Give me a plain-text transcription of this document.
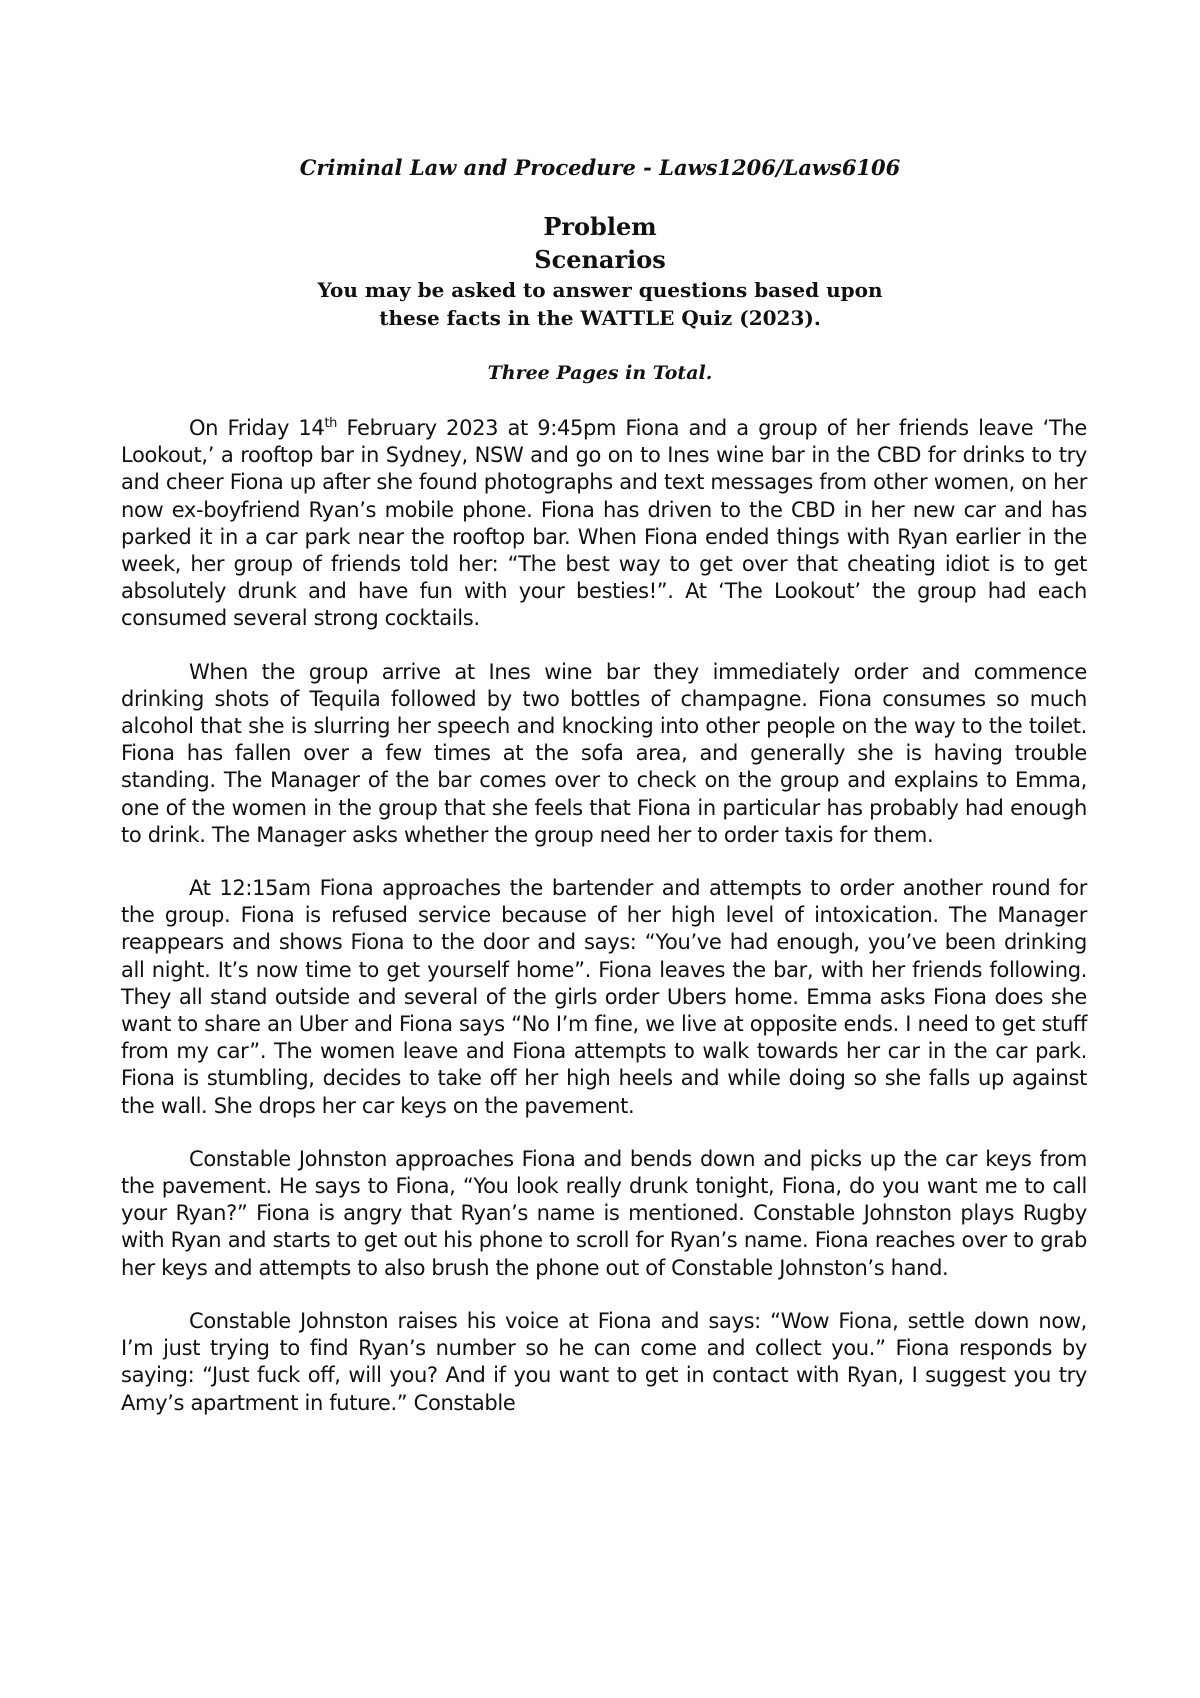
Criminal Law and Procedure - Laws1206/Laws6106

Problem

Scenarios

You may be asked to answer questions based upon

these facts in the WATTLE Quiz (2023).

Three Pages in Total.

On Friday 14th February 2023 at 9:45pm Fiona and a group of her friends leave ‘The Lookout,’ a rooftop bar in Sydney, NSW and go on to Ines wine bar in the CBD for drinks to try and cheer Fiona up after she found photographs and text messages from other women, on her now ex-boyfriend Ryan’s mobile phone. Fiona has driven to the CBD in her new car and has parked it in a car park near the rooftop bar. When Fiona ended things with Ryan earlier in the week, her group of friends told her: “The best way to get over that cheating idiot is to get absolutely drunk and have fun with your besties!”. At ‘The Lookout’ the group had each consumed several strong cocktails.

When the group arrive at Ines wine bar they immediately order and commence drinking shots of Tequila followed by two bottles of champagne. Fiona consumes so much alcohol that she is slurring her speech and knocking into other people on the way to the toilet. Fiona has fallen over a few times at the sofa area, and generally she is having trouble standing. The Manager of the bar comes over to check on the group and explains to Emma, one of the women in the group that she feels that Fiona in particular has probably had enough to drink. The Manager asks whether the group need her to order taxis for them.

At 12:15am Fiona approaches the bartender and attempts to order another round for the group. Fiona is refused service because of her high level of intoxication. The Manager reappears and shows Fiona to the door and says: “You’ve had enough, you’ve been drinking all night. It’s now time to get yourself home”. Fiona leaves the bar, with her friends following. They all stand outside and several of the girls order Ubers home. Emma asks Fiona does she want to share an Uber and Fiona says “No I’m fine, we live at opposite ends. I need to get stuff from my car”. The women leave and Fiona attempts to walk towards her car in the car park. Fiona is stumbling, decides to take off her high heels and while doing so she falls up against the wall. She drops her car keys on the pavement.

Constable Johnston approaches Fiona and bends down and picks up the car keys from the pavement. He says to Fiona, “You look really drunk tonight, Fiona, do you want me to call your Ryan?” Fiona is angry that Ryan’s name is mentioned. Constable Johnston plays Rugby with Ryan and starts to get out his phone to scroll for Ryan’s name. Fiona reaches over to grab her keys and attempts to also brush the phone out of Constable Johnston’s hand.

Constable Johnston raises his voice at Fiona and says: “Wow Fiona, settle down now, I’m just trying to find Ryan’s number so he can come and collect you.” Fiona responds by saying: “Just fuck off, will you? And if you want to get in contact with Ryan, I suggest you try Amy’s apartment in future.” Constable
